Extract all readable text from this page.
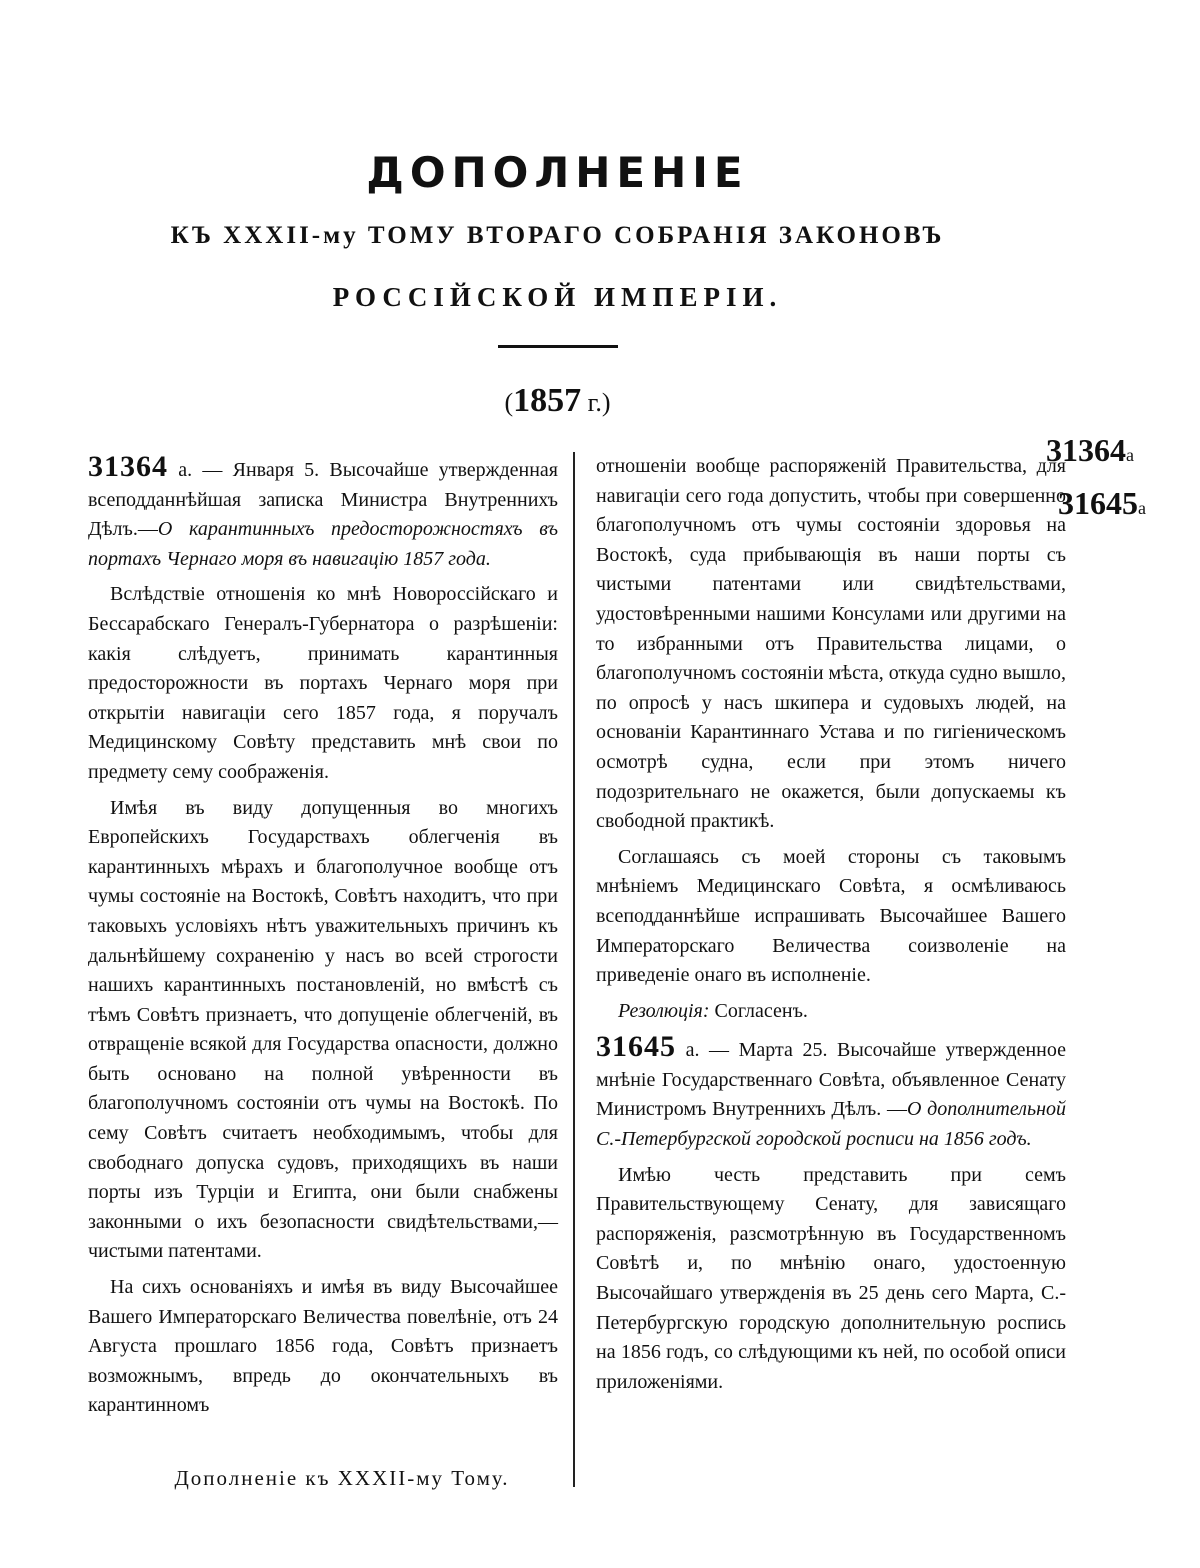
ДОПОЛНЕНІЕ
КЪ XXXII-му ТОМУ ВТОРАГО СОБРАНІЯ ЗАКОНОВЪ
РОССІЙСКОЙ ИМПЕРІИ.
(1857 г.)
31364а
31645а

31364 а. — Января 5. Высочайше утвержденная всеподданнѣйшая записка Министра Внутреннихъ Дѣлъ.—О карантинныхъ предосторожностяхъ въ портахъ Чернаго моря въ навигацію 1857 года.

Вслѣдствіе отношенія ко мнѣ Новороссійскаго и Бессарабскаго Генералъ-Губернатора о разрѣшеніи: какія слѣдуетъ, принимать карантинныя предосторожности въ портахъ Чернаго моря при открытіи навигаціи сего 1857 года, я поручалъ Медицинскому Совѣту представить мнѣ свои по предмету сему соображенія.

Имѣя въ виду допущенныя во многихъ Европейскихъ Государствахъ облегченія въ карантинныхъ мѣрахъ и благополучное вообще отъ чумы состояніе на Востокѣ, Совѣтъ находитъ, что при таковыхъ условіяхъ нѣтъ уважительныхъ причинъ къ дальнѣйшему сохраненію у насъ во всей строгости нашихъ карантинныхъ постановленій, но вмѣстѣ съ тѣмъ Совѣтъ признаетъ, что допущеніе облегченій, въ отвращеніе всякой для Государства опасности, должно быть основано на полной увѣренности въ благополучномъ состояніи отъ чумы на Востокѣ. По сему Совѣтъ считаетъ необходимымъ, чтобы для свободнаго допуска судовъ, приходящихъ въ наши порты изъ Турціи и Египта, они были снабжены законными о ихъ безопасности свидѣтельствами,—чистыми патентами.

На сихъ основаніяхъ и имѣя въ виду Высочайшее Вашего Императорскаго Величества повелѣніе, отъ 24 Августа прошлаго 1856 года, Совѣтъ признаетъ возможнымъ, впредь до окончательныхъ въ карантинномъ

отношеніи вообще распоряженій Правительства, для навигаціи сего года допустить, чтобы при совершенно благополучномъ отъ чумы состояніи здоровья на Востокѣ, суда прибывающія въ наши порты съ чистыми патентами или свидѣтельствами, удостовѣренными нашими Консулами или другими на то избранными отъ Правительства лицами, о благополучномъ состояніи мѣста, откуда судно вышло, по опросѣ у насъ шкипера и судовыхъ людей, на основаніи Карантиннаго Устава и по гигіеническомъ осмотрѣ судна, если при этомъ ничего подозрительнаго не окажется, были допускаемы къ свободной практикѣ.

Соглашаясь съ моей стороны съ таковымъ мнѣніемъ Медицинскаго Совѣта, я осмѣливаюсь всеподданнѣйше испрашивать Высочайшее Вашего Императорскаго Величества соизволеніе на приведеніе онаго въ исполненіе.

Резолюція: Согласенъ.

31645 а. — Марта 25. Высочайше утвержденное мнѣніе Государственнаго Совѣта, объявленное Сенату Министромъ Внутреннихъ Дѣлъ. —О дополнительной С.-Петербургской городской росписи на 1856 годъ.

Имѣю честь представить при семъ Правительствующему Сенату, для зависящаго распоряженія, разсмотрѣнную въ Государственномъ Совѣтѣ и, по мнѣнію онаго, удостоенную Высочайшаго утвержденія въ 25 день сего Марта, С.-Петербургскую городскую дополнительную роспись на 1856 годъ, со слѣдующими къ ней, по особой описи приложеніями.

Дополненіе къ XXXII-му Тому.
